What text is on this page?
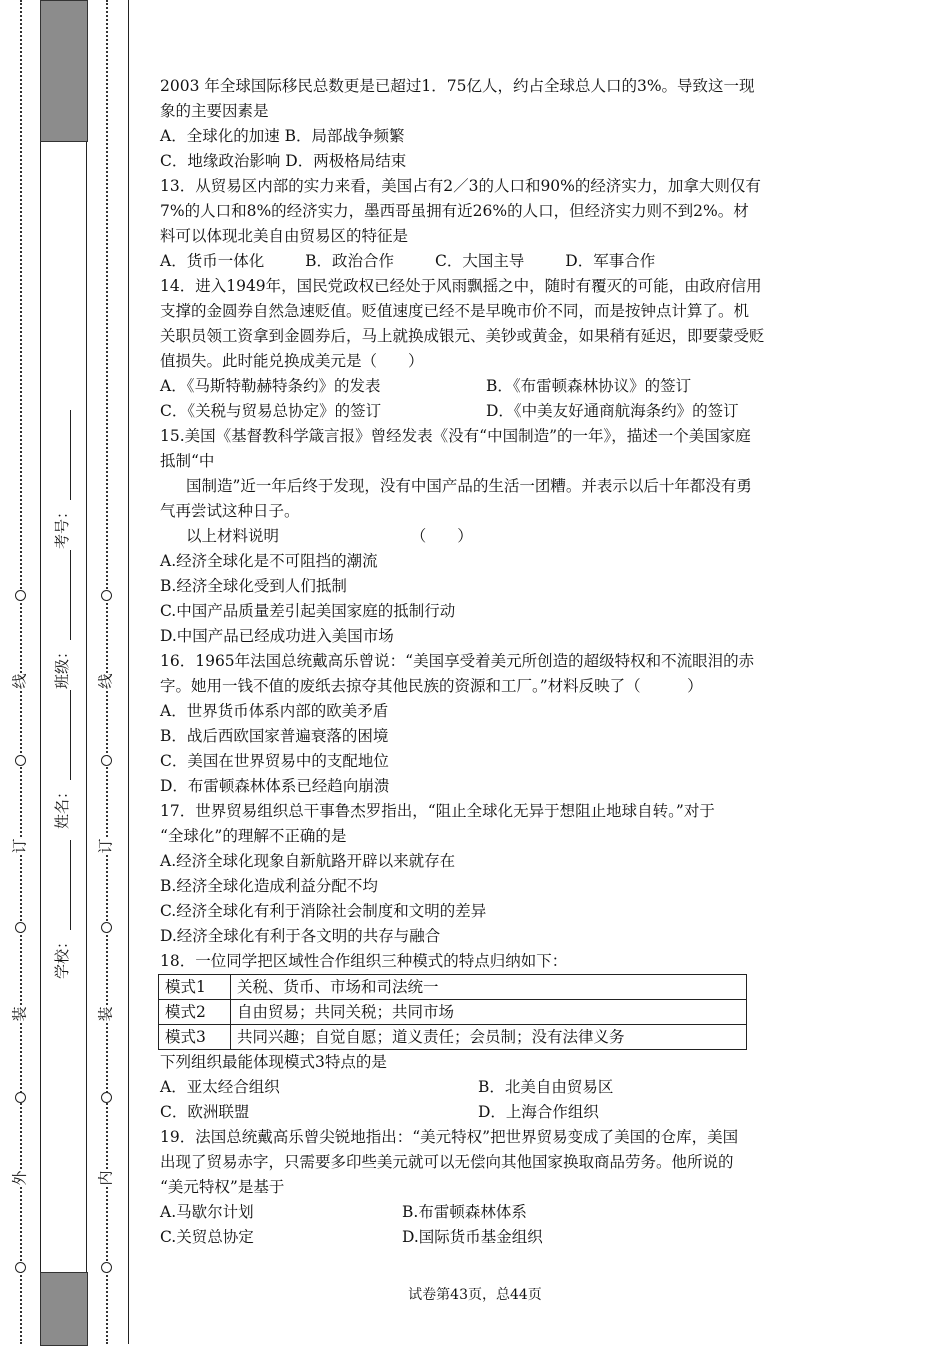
外
装
订
线
内
装
订
线
学校：
姓名：
班级：
考号：

2003 年全球国际移民总数更是已超过1．75亿人，约占全球总人口的3%。导致这一现

象的主要因素是

A．全球化的加速 B．局部战争频繁

C．地缘政治影响 D．两极格局结束

13．从贸易区内部的实力来看，美国占有2／3的人口和90%的经济实力，加拿大则仅有

7%的人口和8%的经济实力，墨西哥虽拥有近26%的人口，但经济实力则不到2%。材

料可以体现北美自由贸易区的特征是

A．货币一体化	B．政治合作	C．大国主导	D．军事合作

14．进入1949年，国民党政权已经处于风雨飘摇之中，随时有覆灭的可能，由政府信用

支撑的金圆券自然急速贬值。贬值速度已经不是早晚市价不同，而是按钟点计算了。机

关职员领工资拿到金圆券后，马上就换成银元、美钞或黄金，如果稍有延迟，即要蒙受贬

值损失。此时能兑换成美元是（　　）

A．《马斯特勒赫特条约》的发表	B．《布雷顿森林协议》的签订

C．《关税与贸易总协定》的签订	D．《中美友好通商航海条约》的签订

15.美国《基督教科学箴言报》曾经发表《没有“中国制造”的一年》，描述一个美国家庭

抵制“中

国制造”近一年后终于发现，没有中国产品的生活一团糟。并表示以后十年都没有勇

气再尝试这种日子。

以上材料说明　　　　　　　　　（　　）

A.经济全球化是不可阻挡的潮流

B.经济全球化受到人们抵制

C.中国产品质量差引起美国家庭的抵制行动

D.中国产品已经成功进入美国市场

16．1965年法国总统戴高乐曾说：“美国享受着美元所创造的超级特权和不流眼泪的赤

字。她用一钱不值的废纸去掠夺其他民族的资源和工厂。”材料反映了（　　　）

A．世界货币体系内部的欧美矛盾

B．战后西欧国家普遍衰落的困境

C．美国在世界贸易中的支配地位

D．布雷顿森林体系已经趋向崩溃

17．世界贸易组织总干事鲁杰罗指出，“阻止全球化无异于想阻止地球自转。”对于

“全球化”的理解不正确的是

A.经济全球化现象自新航路开辟以来就存在

B.经济全球化造成利益分配不均

C.经济全球化有利于消除社会制度和文明的差异

D.经济全球化有利于各文明的共存与融合

18．一位同学把区域性合作组织三种模式的特点归纳如下：

模式1	关税、货币、市场和司法统一
模式2	自由贸易；共同关税；共同市场
模式3	共同兴趣；自觉自愿；道义责任；会员制；没有法律义务

下列组织最能体现模式3特点的是

A．亚太经合组织	B．北美自由贸易区

C．欧洲联盟	D．上海合作组织

19．法国总统戴高乐曾尖锐地指出：“美元特权”把世界贸易变成了美国的仓库，美国

出现了贸易赤字，只需要多印些美元就可以无偿向其他国家换取商品劳务。他所说的

“美元特权”是基于

A.马歇尔计划	B.布雷顿森林体系

C.关贸总协定	D.国际货币基金组织

试卷第43页，总44页
